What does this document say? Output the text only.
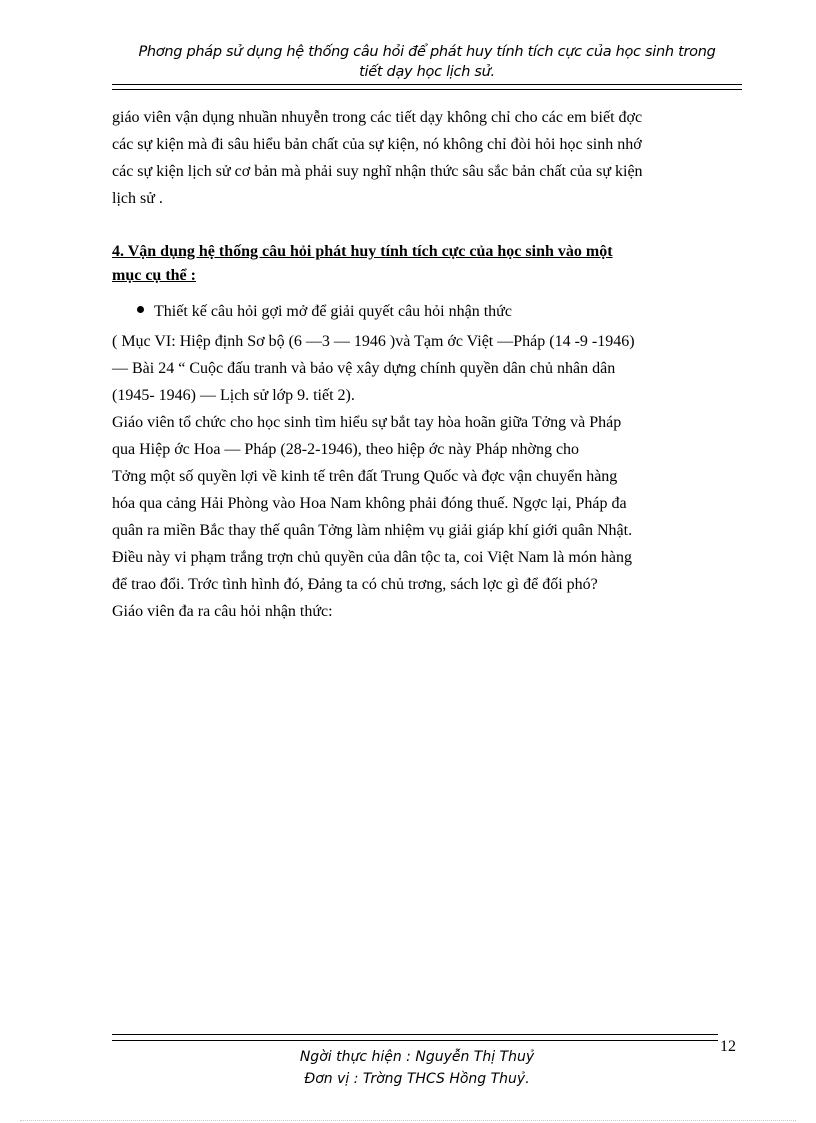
Phơng pháp sử dụng hệ thống câu hỏi để phát huy tính tích cực của học sinh trong
tiết dạy học lịch sử.
giáo viên vận dụng nhuần nhuyễn trong các tiết dạy không chỉ cho các em biết đợc
các sự kiện mà đi sâu hiểu bản chất của sự kiện, nó không chỉ đòi hỏi học sinh nhớ
các sự kiện lịch sử cơ bản mà phải suy nghĩ nhận thức sâu sắc bản chất của sự kiện
lịch sử .
4. Vận dụng hệ thống câu hỏi phát huy tính tích cực của học sinh vào một
mục cụ thể :
Thiết kế câu hỏi gợi mở để giải quyết câu hỏi nhận thức
( Mục VI: Hiệp định Sơ bộ (6 —3 — 1946 )và Tạm ớc Việt —Pháp (14 -9 -1946)
— Bài 24 “ Cuộc đấu tranh và bảo vệ xây dựng chính quyền dân chủ nhân dân
(1945- 1946) — Lịch sử lớp 9. tiết 2).
Giáo viên tổ chức cho học sinh tìm hiểu sự bắt tay hòa hoãn giữa Tởng và Pháp
qua Hiệp ớc Hoa — Pháp (28-2-1946), theo hiệp ớc này Pháp nhờng cho
Tởng một số quyền lợi về kinh tế trên đất Trung Quốc và đợc vận chuyển hàng
hóa qua cảng Hải Phòng vào Hoa Nam không phải đóng thuế. Ngợc lại, Pháp đa
quân ra miền Bắc thay thế quân Tởng làm nhiệm vụ giải giáp khí giới quân Nhật.
Điều này vi phạm trắng trợn chủ quyền của dân tộc ta, coi Việt Nam là món hàng
để trao đổi. Trớc tình hình đó, Đảng ta có chủ trơng, sách lợc gì để đối phó?
Giáo viên đa ra câu hỏi nhận thức:
12
Ngời thực hiện : Nguyễn Thị Thuỷ
Đơn vị : Trờng THCS Hồng Thuỷ.
